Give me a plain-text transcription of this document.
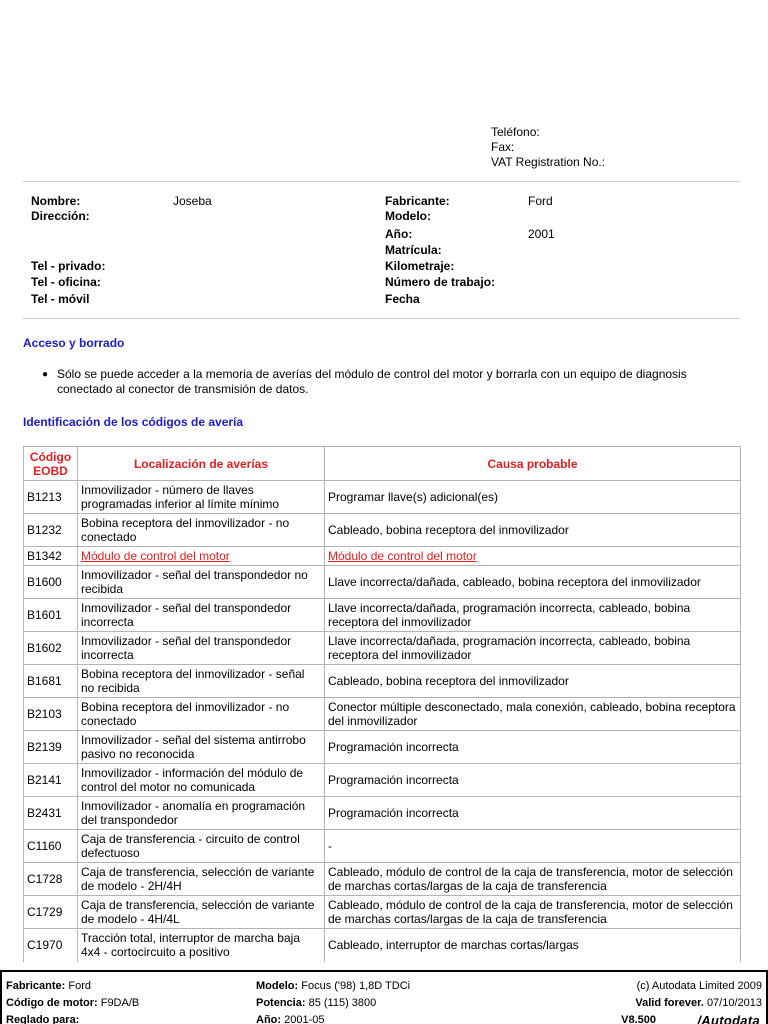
Teléfono:
Fax:
VAT Registration No.:
Nombre:	Joseba
Dirección:
Tel - privado:
Tel - oficina:
Tel - móvil
Fabricante:	Ford
Modelo:
Año:	2001
Matrícula:
Kilometraje:
Número de trabajo:
Fecha
Acceso y borrado
● Sólo se puede acceder a la memoria de averías del módulo de control del motor y borrarla con un equipo de diagnosis conectado al conector de transmisión de datos.
Identificación de los códigos de avería
Código EOBD	Localización de averías	Causa probable
B1213	Inmovilizador - número de llaves programadas inferior al límite mínimo	Programar llave(s) adicional(es)
B1232	Bobina receptora del inmovilizador - no conectado	Cableado, bobina receptora del inmovilizador
B1342	Módulo de control del motor	Módulo de control del motor
B1600	Inmovilizador - señal del transpondedor no recibida	Llave incorrecta/dañada, cableado, bobina receptora del inmovilizador
B1601	Inmovilizador - señal del transpondedor incorrecta	Llave incorrecta/dañada, programación incorrecta, cableado, bobina receptora del inmovilizador
B1602	Inmovilizador - señal del transpondedor incorrecta	Llave incorrecta/dañada, programación incorrecta, cableado, bobina receptora del inmovilizador
B1681	Bobina receptora del inmovilizador - señal no recibida	Cableado, bobina receptora del inmovilizador
B2103	Bobina receptora del inmovilizador - no conectado	Conector múltiple desconectado, mala conexión, cableado, bobina receptora del inmovilizador
B2139	Inmovilizador - señal del sistema antirrobo pasivo no reconocida	Programación incorrecta
B2141	Inmovilizador - información del módulo de control del motor no comunicada	Programación incorrecta
B2431	Inmovilizador - anomalía en programación del transpondedor	Programación incorrecta
C1160	Caja de transferencia - circuito de control defectuoso	-
C1728	Caja de transferencia, selección de variante de modelo - 2H/4H	Cableado, módulo de control de la caja de transferencia, motor de selección de marchas cortas/largas de la caja de transferencia
C1729	Caja de transferencia, selección de variante de modelo - 4H/4L	Cableado, módulo de control de la caja de transferencia, motor de selección de marchas cortas/largas de la caja de transferencia
C1970	Tracción total, interruptor de marcha baja 4x4 - cortocircuito a positivo	Cableado, interruptor de marchas cortas/largas
Fabricante: Ford
Código de motor: F9DA/B
Reglado para:
Modelo: Focus ('98) 1,8D TDCi
Potencia: 85 (115) 3800
Año: 2001-05
(c) Autodata Limited 2009
Valid forever. 07/10/2013
V8.500	/Autodata
